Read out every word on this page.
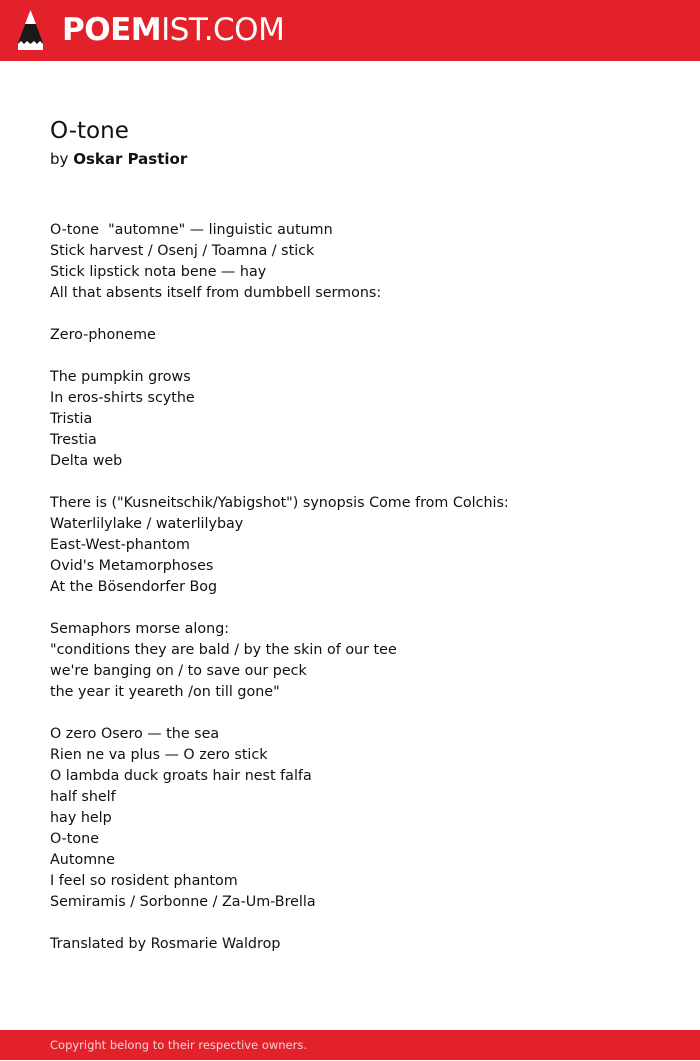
POEMIST.COM
O-tone
by Oskar Pastior
O-tone  "automne" — linguistic autumn
Stick harvest / Osenj / Toamna / stick
Stick lipstick nota bene — hay
All that absents itself from dumbbell sermons:
Zero-phoneme
The pumpkin grows
In eros-shirts scythe
Tristia
Trestia
Delta web
There is ("Kusneitschik/Yabigshot") synopsis Come from Colchis:
Waterlilylake / waterlilybay
East-West-phantom
Ovid's Metamorphoses
At the Bösendorfer Bog
Semaphors morse along:
"conditions they are bald / by the skin of our tee
we're banging on / to save our peck
the year it yeareth /on till gone"
O zero Osero — the sea
Rien ne va plus — O zero stick
O lambda duck groats hair nest falfa
half shelf
hay help
O-tone
Automne
I feel so rosident phantom
Semiramis / Sorbonne / Za-Um-Brella
Translated by Rosmarie Waldrop
Copyright belong to their respective owners.
